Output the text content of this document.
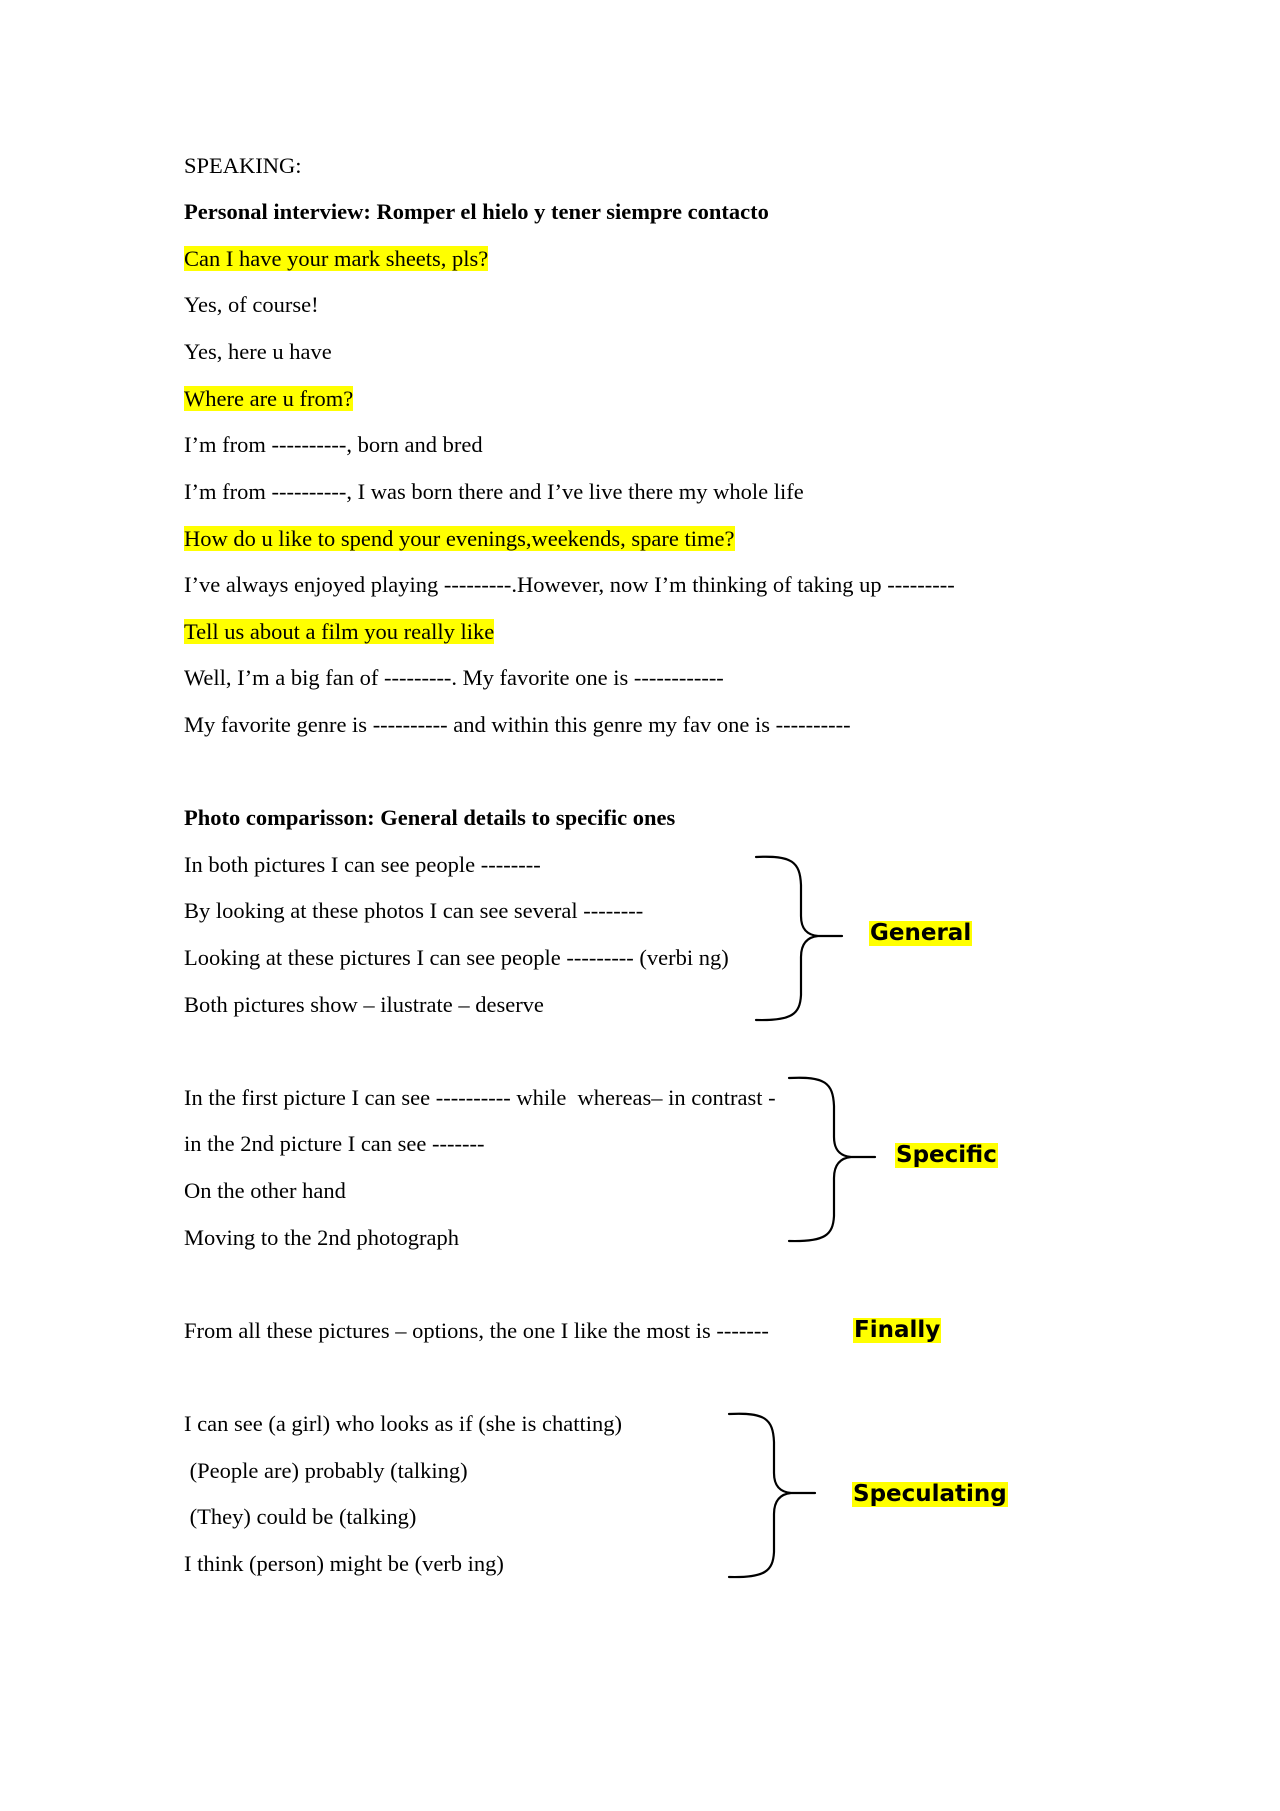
SPEAKING:
Personal interview: Romper el hielo y tener siempre contacto
Can I have your mark sheets, pls?
Yes, of course!
Yes, here u have
Where are u from?
I’m from ----------, born and bred
I’m from ----------, I was born there and I’ve live there my whole life
How do u like to spend your evenings,weekends, spare time?
I’ve always enjoyed playing ---------.However, now I’m thinking of taking up ---------
Tell us about a film you really like
Well, I’m a big fan of ---------. My favorite one is ------------
My favorite genre is ---------- and within this genre my fav one is ----------
Photo comparisson: General details to specific ones
In both pictures I can see people --------
By looking at these photos I can see several --------
Looking at these pictures I can see people --------- (verbi ng)
Both pictures show – ilustrate – deserve
In the first picture I can see ---------- while  whereas– in contrast -
in the 2nd picture I can see -------
On the other hand
Moving to the 2nd photograph
From all these pictures – options, the one I like the most is -------
I can see (a girl) who looks as if (she is chatting)
(People are) probably (talking)
(They) could be (talking)
I think (person) might be (verb ing)
General
Specific
Finally
Speculating
